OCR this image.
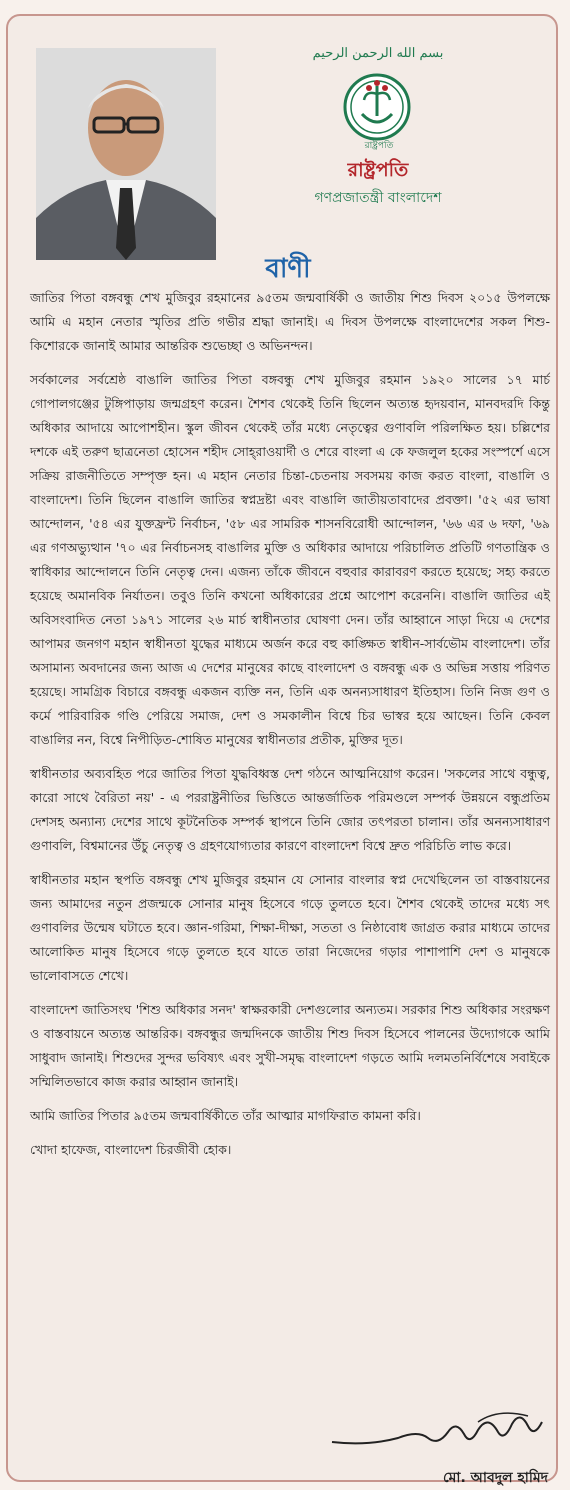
بسم الله الرحمن الرحيم
রাষ্ট্রপতি
রাষ্ট্রপতি
গণপ্রজাতন্ত্রী বাংলাদেশ
বাণী

জাতির পিতা বঙ্গবন্ধু শেখ মুজিবুর রহমানের ৯৫তম জন্মবার্ষিকী ও জাতীয় শিশু দিবস ২০১৫ উপলক্ষে আমি এ মহান নেতার স্মৃতির প্রতি গভীর শ্রদ্ধা জানাই। এ দিবস উপলক্ষে বাংলাদেশের সকল শিশু-কিশোরকে জানাই আমার আন্তরিক শুভেচ্ছা ও অভিনন্দন।

সর্বকালের সর্বশ্রেষ্ঠ বাঙালি জাতির পিতা বঙ্গবন্ধু শেখ মুজিবুর রহমান ১৯২০ সালের ১৭ মার্চ গোপালগঞ্জের টুঙ্গিপাড়ায় জন্মগ্রহণ করেন। শৈশব থেকেই তিনি ছিলেন অত্যন্ত হৃদয়বান, মানবদরদি কিন্তু অধিকার আদায়ে আপোশহীন। স্কুল জীবন থেকেই তাঁর মধ্যে নেতৃত্বের গুণাবলি পরিলক্ষিত হয়। চল্লিশের দশকে এই তরুণ ছাত্রনেতা হোসেন শহীদ সোহ্‌রাওয়ার্দী ও শেরে বাংলা এ কে ফজলুল হকের সংস্পর্শে এসে সক্রিয় রাজনীতিতে সম্পৃক্ত হন। এ মহান নেতার চিন্তা-চেতনায় সবসময় কাজ করত বাংলা, বাঙালি ও বাংলাদেশ। তিনি ছিলেন বাঙালি জাতির স্বপ্নদ্রষ্টা এবং বাঙালি জাতীয়তাবাদের প্রবক্তা। '৫২ এর ভাষা আন্দোলন, '৫৪ এর যুক্তফ্রন্ট নির্বাচন, '৫৮ এর সামরিক শাসনবিরোধী আন্দোলন, '৬৬ এর ৬ দফা, '৬৯ এর গণঅভ্যুত্থান '৭০ এর নির্বাচনসহ বাঙালির মুক্তি ও অধিকার আদায়ে পরিচালিত প্রতিটি গণতান্ত্রিক ও স্বাধিকার আন্দোলনে তিনি নেতৃত্ব দেন। এজন্য তাঁকে জীবনে বহুবার কারাবরণ করতে হয়েছে; সহ্য করতে হয়েছে অমানবিক নির্যাতন। তবুও তিনি কখনো অধিকারের প্রশ্নে আপোশ করেননি। বাঙালি জাতির এই অবিসংবাদিত নেতা ১৯৭১ সালের ২৬ মার্চ স্বাধীনতার ঘোষণা দেন। তাঁর আহ্বানে সাড়া দিয়ে এ দেশের আপামর জনগণ মহান স্বাধীনতা যুদ্ধের মাধ্যমে অর্জন করে বহু কাঙ্ক্ষিত স্বাধীন-সার্বভৌম বাংলাদেশ। তাঁর অসামান্য অবদানের জন্য আজ এ দেশের মানুষের কাছে বাংলাদেশ ও বঙ্গবন্ধু এক ও অভিন্ন সত্তায় পরিণত হয়েছে। সামগ্রিক বিচারে বঙ্গবন্ধু একজন ব্যক্তি নন, তিনি এক অনন্যসাধারণ ইতিহাস। তিনি নিজ গুণ ও কর্মে পারিবারিক গণ্ডি পেরিয়ে সমাজ, দেশ ও সমকালীন বিশ্বে চির ভাস্বর হয়ে আছেন। তিনি কেবল বাঙালির নন, বিশ্বে নিপীড়িত-শোষিত মানুষের স্বাধীনতার প্রতীক, মুক্তির দূত।

স্বাধীনতার অব্যবহিত পরে জাতির পিতা যুদ্ধবিধ্বস্ত দেশ গঠনে আত্মনিয়োগ করেন। 'সকলের সাথে বন্ধুত্ব, কারো সাথে বৈরিতা নয়' - এ পররাষ্ট্রনীতির ভিত্তিতে আন্তর্জাতিক পরিমণ্ডলে সম্পর্ক উন্নয়নে বন্ধুপ্রতিম দেশসহ অন্যান্য দেশের সাথে কূটনৈতিক সম্পর্ক স্থাপনে তিনি জোর তৎপরতা চালান। তাঁর অনন্যসাধারণ গুণাবলি, বিশ্বমানের উঁচু নেতৃত্ব ও গ্রহণযোগ্যতার কারণে বাংলাদেশ বিশ্বে দ্রুত পরিচিতি লাভ করে।

স্বাধীনতার মহান স্থপতি বঙ্গবন্ধু শেখ মুজিবুর রহমান যে সোনার বাংলার স্বপ্ন দেখেছিলেন তা বাস্তবায়নের জন্য আমাদের নতুন প্রজন্মকে সোনার মানুষ হিসেবে গড়ে তুলতে হবে। শৈশব থেকেই তাদের মধ্যে সৎ গুণাবলির উন্মেষ ঘটাতে হবে। জ্ঞান-গরিমা, শিক্ষা-দীক্ষা, সততা ও নিষ্ঠাবোধ জাগ্রত করার মাধ্যমে তাদের আলোকিত মানুষ হিসেবে গড়ে তুলতে হবে যাতে তারা নিজেদের গড়ার পাশাপাশি দেশ ও মানুষকে ভালোবাসতে শেখে।

বাংলাদেশ জাতিসংঘ 'শিশু অধিকার সনদ' স্বাক্ষরকারী দেশগুলোর অন্যতম। সরকার শিশু অধিকার সংরক্ষণ ও বাস্তবায়নে অত্যন্ত আন্তরিক। বঙ্গবন্ধুর জন্মদিনকে জাতীয় শিশু দিবস হিসেবে পালনের উদ্যোগকে আমি সাধুবাদ জানাই। শিশুদের সুন্দর ভবিষ্যৎ এবং সুখী-সমৃদ্ধ বাংলাদেশ গড়তে আমি দলমতনির্বিশেষে সবাইকে সম্মিলিতভাবে কাজ করার আহ্বান জানাই।

আমি জাতির পিতার ৯৫তম জন্মবার্ষিকীতে তাঁর আত্মার মাগফিরাত কামনা করি।

খোদা হাফেজ, বাংলাদেশ চিরজীবী হোক।

মো. আবদুল হামিদ
